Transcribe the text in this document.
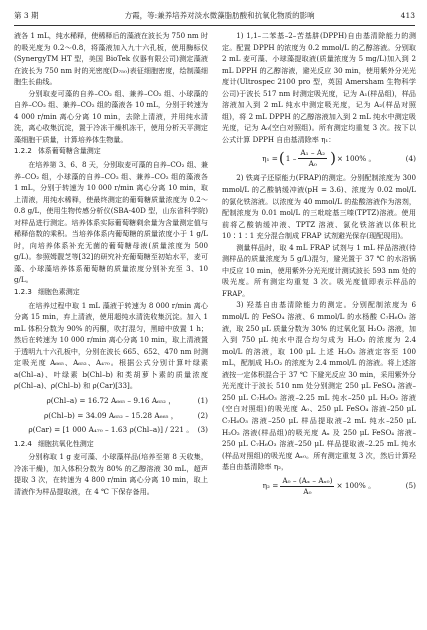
第 3 期	方霞，等:兼养培养对淡水微藻脂肪酸和抗氧化物质的影响	413

液各 1 mL，纯水稀释，使稀释后的藻液在波长为 750 nm 时的吸光度为 0.2～0.8，将藻液加入九十六孔板，使用酶标仪(SynergyTM HT 型，美国 BioTek 仪器有限公司)测定藻液在波长为 750 nm 时的光密度(D₇₅₀)表征细胞密度，绘制藻细胞生长曲线。

分别取麦可藻的自养–CO₂ 组、兼养–CO₂ 组、小球藻的自养–CO₂ 组、兼养–CO₂ 组的藻液各 10 mL，分别于转速为 4 000 r/min 离心分离 10 min，去除上清液，并用纯水清洗，离心收集沉淀，置于冷冻干燥机冻干，使用分析天平测定藻细胞干质量，计算培养体生物量。

1.2.2 体系葡萄糖含量测定

在培养第 3、6、8 天，分别取麦可藻的自养–CO₂ 组、兼养–CO₂ 组，小球藻的自养–CO₂ 组、兼养–CO₂ 组的藻液各 1 mL，分别于转速为 10 000 r/min 离心分离 10 min，取上清液，用纯水稀释，使最终测定的葡萄糖质量浓度为 0.2～0.8 g/L，使用生物传感分析仪(SBA-40D 型，山东省科学院)对样品进行测定。培养体系实际葡萄糖剩余量为含量测定值与稀释倍数的乘积。当培养体系内葡萄糖的质量浓度小于 1 g/L 时，向培养体系补充无菌的葡萄糖母液(质量浓度为 500 g/L)。参照姆靓芝等[32]的研究补充葡萄糖至初始水平，麦可藻、小球藻培养体系葡萄糖的质量浓度分别补充至 3、10 g/L。

1.2.3 细胞色素测定

在培养过程中取 1 mL 藻液于转速为 8 000 r/min 离心分离 15 min，弃上清液，使用超纯水清洗收集沉淀。加入 1 mL 体积分数为 90% 的丙酮，吹打混匀，黑暗中放置 1 h；然后在转速为 10 000 r/min 离心分离 10 min，取上清液置于透明九十六孔板中，分别在波长 665、652、470 nm 时测定吸光度 A₆₆₅、A₆₅₂、A₄₇₀。根据公式分别计算叶绿素 a(Chl–a)、叶绿素 b(Chl–b) 和类胡萝卜素的质量浓度 ρ(Chl–a)、ρ(Chl–b) 和 ρ(Car)[33]。

ρ(Chl–a) = 16.72 A₆₆₅ – 9.16 A₆₅₂ ，	(1)
ρ(Chl–b) = 34.09 A₆₅₂ – 15.28 A₆₆₅ ，	(2)
ρ(Car) = [1 000 A₄₇₀ – 1.63 ρ(Chl–a)] / 221 。 (3)
1.2.4 细胞抗氧化性测定

分别称取 1 g 麦可藻、小球藻样品(培养至第 8 天收集，冷冻干燥)，加入体积分数为 80% 的乙醇溶液 30 mL，超声提取 3 次，在转速为 4 800 r/min 离心分离 10 min，取上清液作为样品提取液，在 4 ℃ 下保存备用。

1) 1,1–二苯基–2–苦基肼(DPPH)自由基清除能力的测定。配置 DPPH 的浓度为 0.2 mmol/L 的乙醇溶液。分别取 2 mL 麦可藻、小球藻提取液(质量浓度为 5 mg/L)加入到 2 mL DPPH 的乙醇溶液，避光反应 30 min，使用紫外分光光度计(Ultrospec 2100 pro 型，英国 Amersham 生物科学公司)于波长 517 nm 时测定吸光度，记为 A₁(样品组)，样品溶液加入到 2 mL 纯水中测定吸光度，记为 A₂(样品对照组)，将 2 mL DPPH 的乙醇溶液加入到 2 mL 纯水中测定吸光度，记为 A₀(空白对照组)。所有测定均重复 3 次。按下以公式计算 DPPH 自由基清除率 η₁：

η₁ = ( $1 - \frac{\text{A₁ – A₂}}{\text{A₀}}$ ) × 100% 。	(4)

2) 铁离子还原能力(FRAP)的测定。分别配制浓度为 300 mmol/L 的乙酸钠缓冲液(pH = 3.6)、浓度为 0.02 mol/L 的氯化铁溶液。以浓度为 40 mmol/L 的盐酸溶液作为溶剂，配制浓度为 0.01 mol/L 的三吡啶基三嗪(TPTZ)溶液。使用前将乙酸钠缓冲液、TPTZ 溶液、氯化铁溶液以体积比 10∶1∶1 充分混合制成 FRAP 试剂避光保存(现配现用)。

测量样品时，取 4 mL FRAP 试剂与 1 mL 样品溶液(待测样品的质量浓度为 5 g/L)混匀，避光置于 37 ℃ 的水浴锅中反应 10 min，使用紫外分光光度计测试波长 593 nm 处的吸光度。所有测定均重复 3 次。吸光度值即表示样品的 FRAP。

3) 羟基自由基清除能力的测定。分别配制浓度为 6 mmol/L 的 FeSO₄ 溶液、6 mmol/L 的水杨酸 C₇H₆O₃ 溶液，取 250 μL 质量分数为 30% 的过氧化氢 H₂O₂ 溶液，加入到 750 μL 纯水中混合均匀成为 H₂O₂ 的浓度为 2.4 mol/L 的溶液，取 100 μL 上述 H₂O₂ 溶液定容至 100 mL，配制成 H₂O₂ 的浓度为 2.4 mmol/L 的溶液。将上述溶液按一定体积混合于 37 ℃ 下避光反应 30 min，采用紫外分光光度计于波长 510 nm 处分别测定 250 μL FeSO₄ 溶液–250 μL C₇H₆O₃ 溶液–2.25 mL 纯水–250 μL H₂O₂ 溶液(空白对照组)的吸光度 A₀、250 μL FeSO₄ 溶液–250 μL C₇H₆O₃ 溶液–250 μL 样品提取液–2 mL 纯水–250 μL H₂O₂ 溶液(样品组)的吸光度 Aₓ 及 250 μL FeSO₄ 溶液–250 μL C₇H₆O₃ 溶液–250 μL 样品提取液–2.25 mL 纯水(样品对照组)的吸光度 Aₓ₀。所有测定重复 3 次，然后计算羟基自由基清除率 η₂，

$\eta_2 = \frac{\text{A₀ – (Aₓ – Aₓ₀)}}{\text{A₀}} \times 100\%$ 。	(5)
